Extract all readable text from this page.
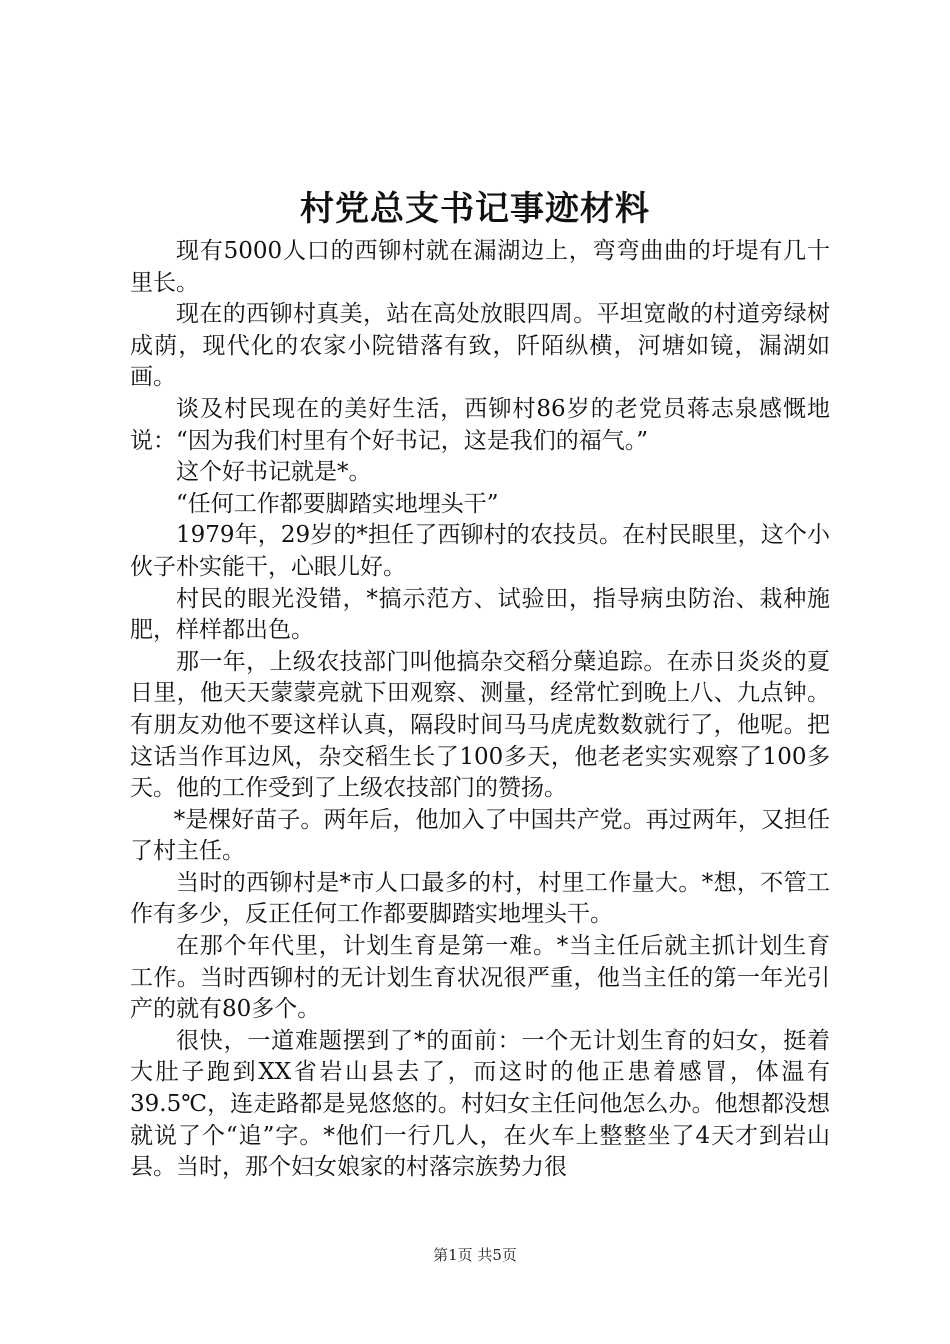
村党总支书记事迹材料

现有5000人口的西铆村就在漏湖边上，弯弯曲曲的圩堤有几十里长。

现在的西铆村真美，站在高处放眼四周。平坦宽敞的村道旁绿树成荫，现代化的农家小院错落有致，阡陌纵横，河塘如镜，漏湖如画。

谈及村民现在的美好生活，西铆村86岁的老党员蒋志泉感慨地说：“因为我们村里有个好书记，这是我们的福气。”

这个好书记就是*。

“任何工作都要脚踏实地埋头干”

1979年，29岁的*担任了西铆村的农技员。在村民眼里，这个小伙子朴实能干，心眼儿好。

村民的眼光没错，*搞示范方、试验田，指导病虫防治、栽种施肥，样样都出色。

那一年，上级农技部门叫他搞杂交稻分蘖追踪。在赤日炎炎的夏日里，他天天蒙蒙亮就下田观察、测量，经常忙到晚上八、九点钟。有朋友劝他不要这样认真，隔段时间马马虎虎数数就行了，他呢。把这话当作耳边风，杂交稻生长了100多天，他老老实实观察了100多天。他的工作受到了上级农技部门的赞扬。

*是棵好苗子。两年后，他加入了中国共产党。再过两年，又担任了村主任。

当时的西铆村是*市人口最多的村，村里工作量大。*想，不管工作有多少，反正任何工作都要脚踏实地埋头干。

在那个年代里，计划生育是第一难。*当主任后就主抓计划生育工作。当时西铆村的无计划生育状况很严重，他当主任的第一年光引产的就有80多个。

很快，一道难题摆到了*的面前：一个无计划生育的妇女，挺着大肚子跑到XX省岩山县去了，而这时的他正患着感冒，体温有39.5℃，连走路都是晃悠悠的。村妇女主任问他怎么办。他想都没想就说了个“追”字。*他们一行几人，在火车上整整坐了4天才到岩山县。当时，那个妇女娘家的村落宗族势力很

第1页 共5页
